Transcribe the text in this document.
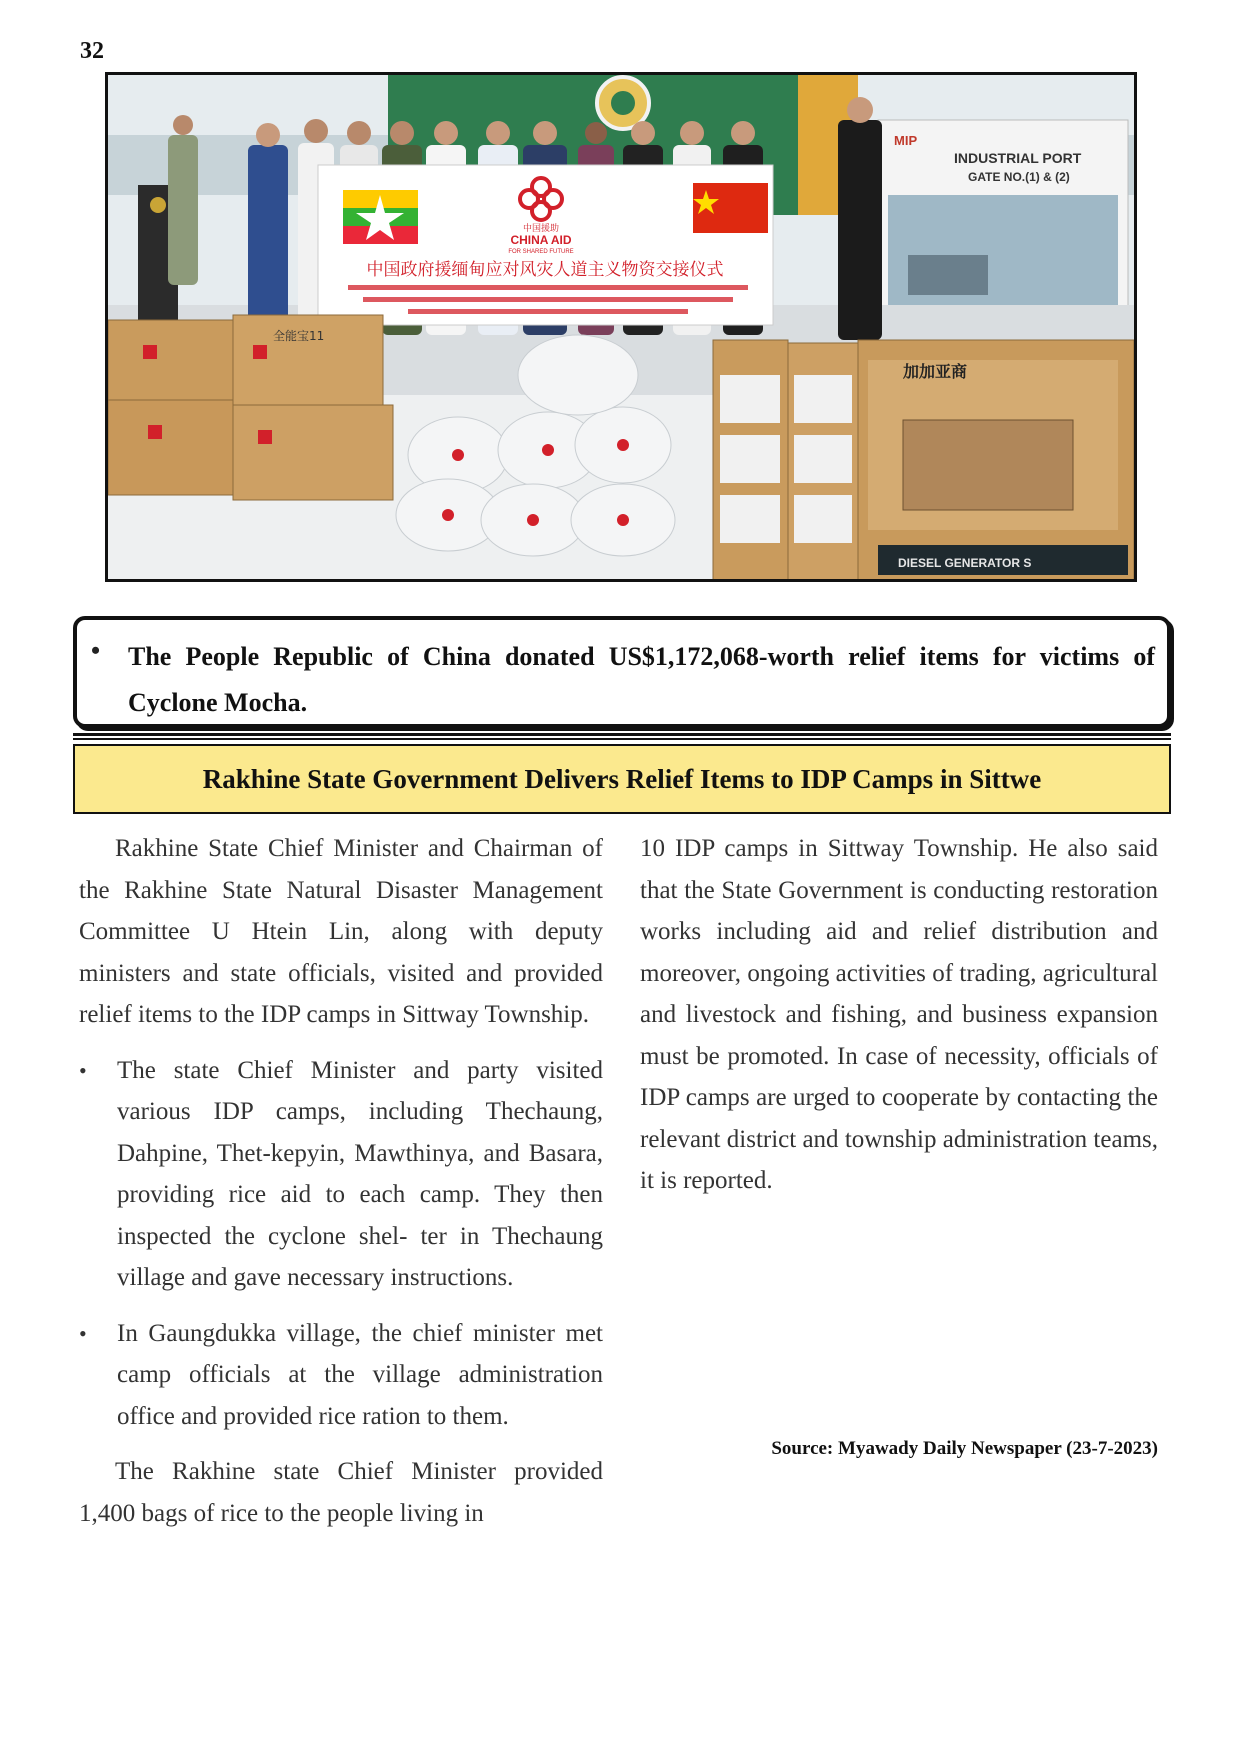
32
MIP
INDUSTRIAL PORT
GATE NO.(1) & (2)
中国援助
CHINA AID
FOR SHARED FUTURE
中国政府援缅甸应对风灾人道主义物资交接仪式
全能宝11
加加亚商
DIESEL GENERATOR S
• The People Republic of China donated US$1,172,068-worth relief items for victims of Cyclone Mocha.

Rakhine State Government Delivers Relief Items to IDP Camps in Sittwe

Rakhine State Chief Minister and Chairman of the Rakhine State Natural Disaster Management Committee U Htein Lin, along with deputy ministers and state officials, visited and provided relief items to the IDP camps in Sittway Township.

• The state Chief Minister and party visited various IDP camps, including Thechaung, Dahpine, Thet-kepyin, Mawthinya, and Basara, providing rice aid to each camp. They then inspected the cyclone shel- ter in Thechaung village and gave necessary instructions.
• In Gaungdukka village, the chief minister met camp officials at the village administration office and provided rice ration to them.

The Rakhine state Chief Minister provided 1,400 bags of rice to the people living in

10 IDP camps in Sittway Township. He also said that the State Government is conducting restoration works including aid and relief distribution and moreover, ongoing activities of trading, agricultural and livestock and fishing, and business expansion must be promoted. In case of necessity, officials of IDP camps are urged to cooperate by contacting the relevant district and township administration teams, it is reported.

Source: Myawady Daily Newspaper (23-7-2023)
